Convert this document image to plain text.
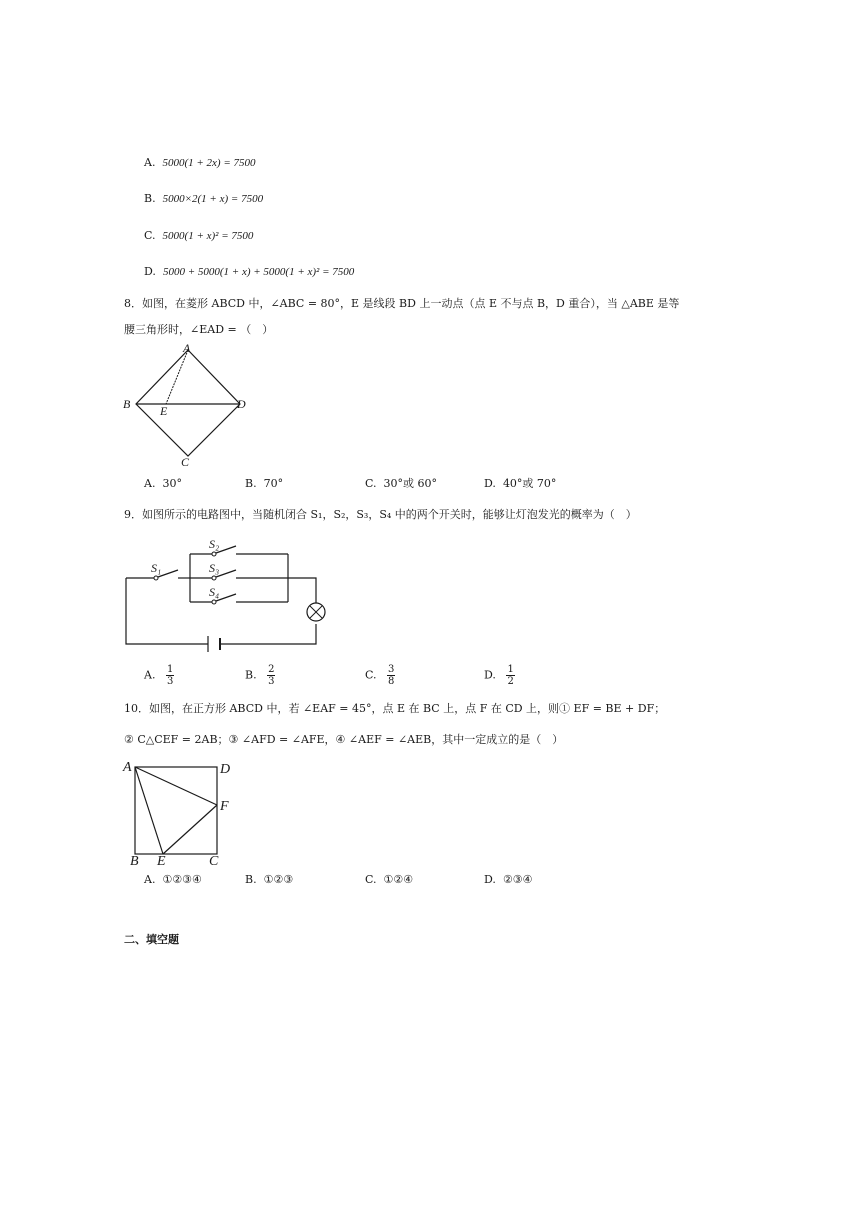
A. 5000(1 + 2x) = 7500
B. 5000×2(1 + x) = 7500
C. 5000(1 + x)² = 7500
D. 5000 + 5000(1 + x) + 5000(1 + x)² = 7500
8．如图，在菱形 ABCD 中，∠ABC = 80°，E 是线段 BD 上一动点（点 E 不与点 B，D 重合），当 △ABE 是等
腰三角形时，∠EAD = （　）
A
B
C
D
E
A. 30°	B. 70°	C. 30°或 60°	D. 40°或 70°
9．如图所示的电路图中，当随机闭合 S₁，S₂，S₃，S₄ 中的两个开关时，能够让灯泡发光的概率为（　）
S₁
S₂
S₃
S₄
A. $\frac{1}{3}$	B. $\frac{2}{3}$	C. $\frac{3}{8}$	D. $\frac{1}{2}$
10．如图，在正方形 ABCD 中，若 ∠EAF = 45°，点 E 在 BC 上，点 F 在 CD 上，则① EF = BE + DF；
② C△CEF = 2AB；③ ∠AFD = ∠AFE，④ ∠AEF = ∠AEB，其中一定成立的是（　）
A	D
F
B E	C
A. ①②③④	B. ①②③	C. ①②④	D. ②③④
二、填空题
